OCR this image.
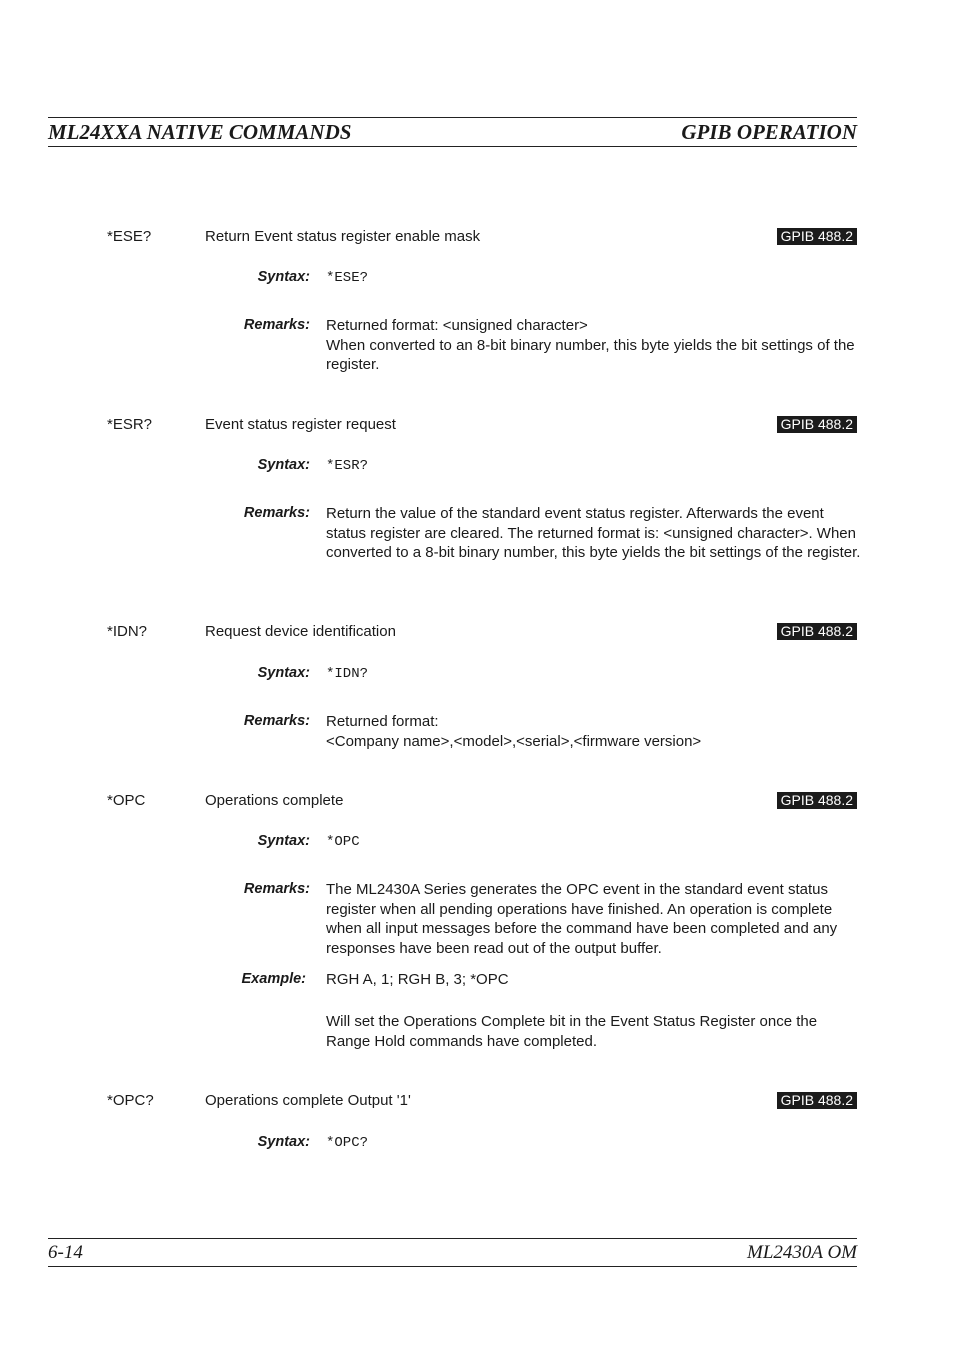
ML24XXA NATIVE COMMANDS	GPIB OPERATION
*ESE?	Return Event status register enable mask	GPIB 488.2
Syntax: *ESE?
Remarks: Returned format: <unsigned character>
When converted to an 8-bit binary number, this byte yields the bit settings of the register.
*ESR?	Event status register request	GPIB 488.2
Syntax: *ESR?
Remarks: Return the value of the standard event status register. Afterwards the event status register are cleared. The returned format is: <unsigned character>. When converted to a 8-bit binary number, this byte yields the bit settings of the register.
*IDN?	Request device identification	GPIB 488.2
Syntax: *IDN?
Remarks: Returned format:
<Company name>,<model>,<serial>,<firmware version>
*OPC	Operations complete	GPIB 488.2
Syntax: *OPC
Remarks: The ML2430A Series generates the OPC event in the standard event status register when all pending operations have finished. An operation is complete when all input messages before the command have been completed and any responses have been read out of the output buffer.
Example: RGH A, 1; RGH B, 3; *OPC
Will set the Operations Complete bit in the Event Status Register once the Range Hold commands have completed.
*OPC?	Operations complete Output '1'	GPIB 488.2
Syntax: *OPC?
6-14	ML2430A OM
